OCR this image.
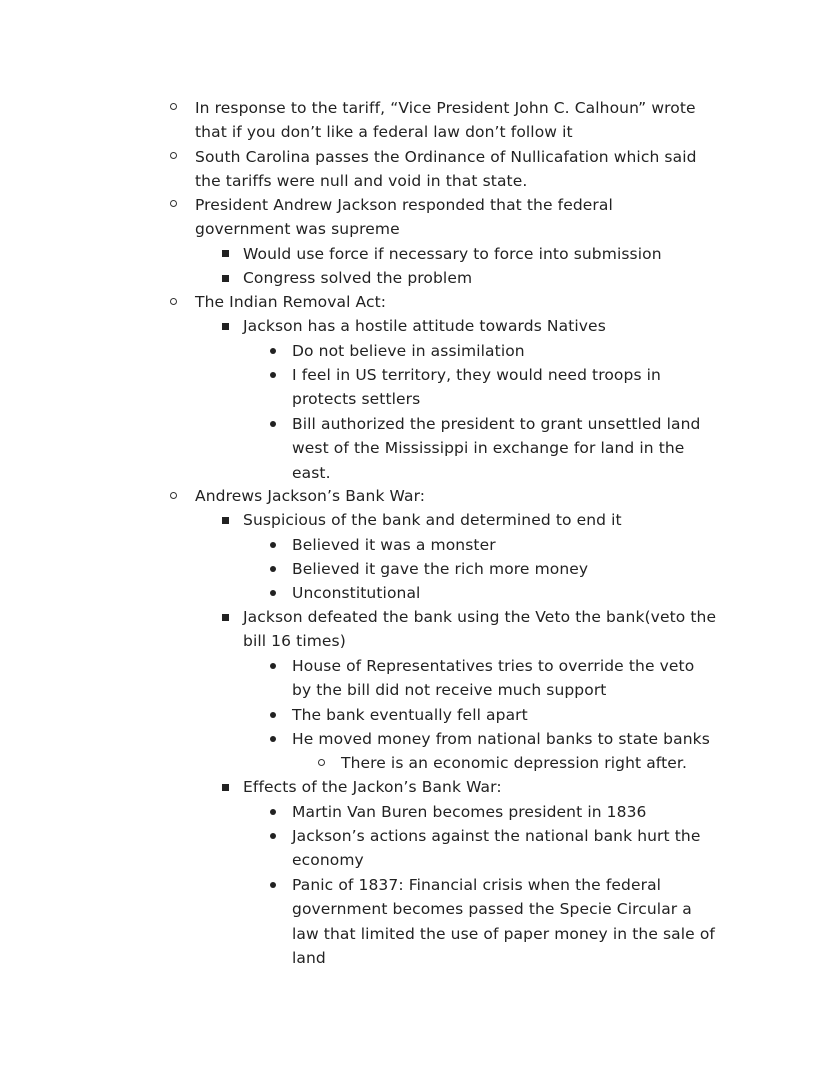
In response to the tariff, “Vice President John C. Calhoun” wrote
that if you don’t like a federal law don’t follow it
South Carolina passes the Ordinance of Nullicafation which said
the tariffs were null and void in that state.
President Andrew Jackson responded that the federal
government was supreme
Would use force if necessary to force into submission
Congress solved the problem
The Indian Removal Act:
Jackson has a hostile attitude towards Natives
Do not believe in assimilation
I feel in US territory, they would need troops in
protects settlers
Bill authorized the president to grant unsettled land
west of the Mississippi in exchange for land in the
east.
Andrews Jackson’s Bank War:
Suspicious of the bank and determined to end it
Believed it was a monster
Believed it gave the rich more money
Unconstitutional
Jackson defeated the bank using the Veto the bank(veto the
bill 16 times)
House of Representatives tries to override the veto
by the bill did not receive much support
The bank eventually fell apart
He moved money from national banks to state banks
There is an economic depression right after.
Effects of the Jackon’s Bank War:
Martin Van Buren becomes president in 1836
Jackson’s actions against the national bank hurt the
economy
Panic of 1837: Financial crisis when the federal
government becomes passed the Specie Circular a
law that limited the use of paper money in the sale of
land
